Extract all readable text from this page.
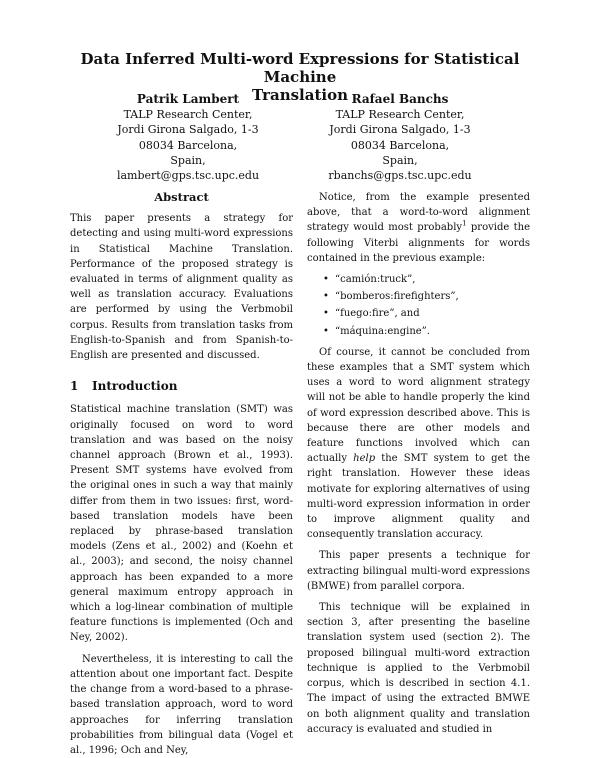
Data Inferred Multi-word Expressions for Statistical Machine
Translation
Patrik Lambert
TALP Research Center,
Jordi Girona Salgado, 1-3
08034 Barcelona,
Spain,
lambert@gps.tsc.upc.edu
Rafael Banchs
TALP Research Center,
Jordi Girona Salgado, 1-3
08034 Barcelona,
Spain,
rbanchs@gps.tsc.upc.edu
Abstract

This paper presents a strategy for detecting and using multi-word expressions in Statistical Machine Translation. Performance of the proposed strategy is evaluated in terms of alignment quality as well as translation accuracy. Evaluations are performed by using the Verbmobil corpus. Results from translation tasks from English-to-Spanish and from Spanish-to-English are presented and discussed.

1 Introduction

Statistical machine translation (SMT) was originally focused on word to word translation and was based on the noisy channel approach (Brown et al., 1993). Present SMT systems have evolved from the original ones in such a way that mainly differ from them in two issues: first, word-based translation models have been replaced by phrase-based translation models (Zens et al., 2002) and (Koehn et al., 2003); and second, the noisy channel approach has been expanded to a more general maximum entropy approach in which a log-linear combination of multiple feature functions is implemented (Och and Ney, 2002).

Nevertheless, it is interesting to call the attention about one important fact. Despite the change from a word-based to a phrase-based translation approach, word to word approaches for inferring translation probabilities from bilingual data (Vogel et al., 1996; Och and Ney,

Notice, from the example presented above, that a word-to-word alignment strategy would most probably$^1$ provide the following Viterbi alignments for words contained in the previous example:

• “camión:truck”,
• “bomberos:firefighters”,
• “fuego:fire”, and
• “máquina:engine”.

Of course, it cannot be concluded from these examples that a SMT system which uses a word to word alignment strategy will not be able to handle properly the kind of word expression described above. This is because there are other models and feature functions involved which can actually help the SMT system to get the right translation. However these ideas motivate for exploring alternatives of using multi-word expression information in order to improve alignment quality and consequently translation accuracy.

This paper presents a technique for extracting bilingual multi-word expressions (BMWE) from parallel corpora.

This technique will be explained in section 3, after presenting the baseline translation system used (section 2). The proposed bilingual multi-word extraction technique is applied to the Verbmobil corpus, which is described in section 4.1. The impact of using the extracted BMWE on both alignment quality and translation accuracy is evaluated and studied in
